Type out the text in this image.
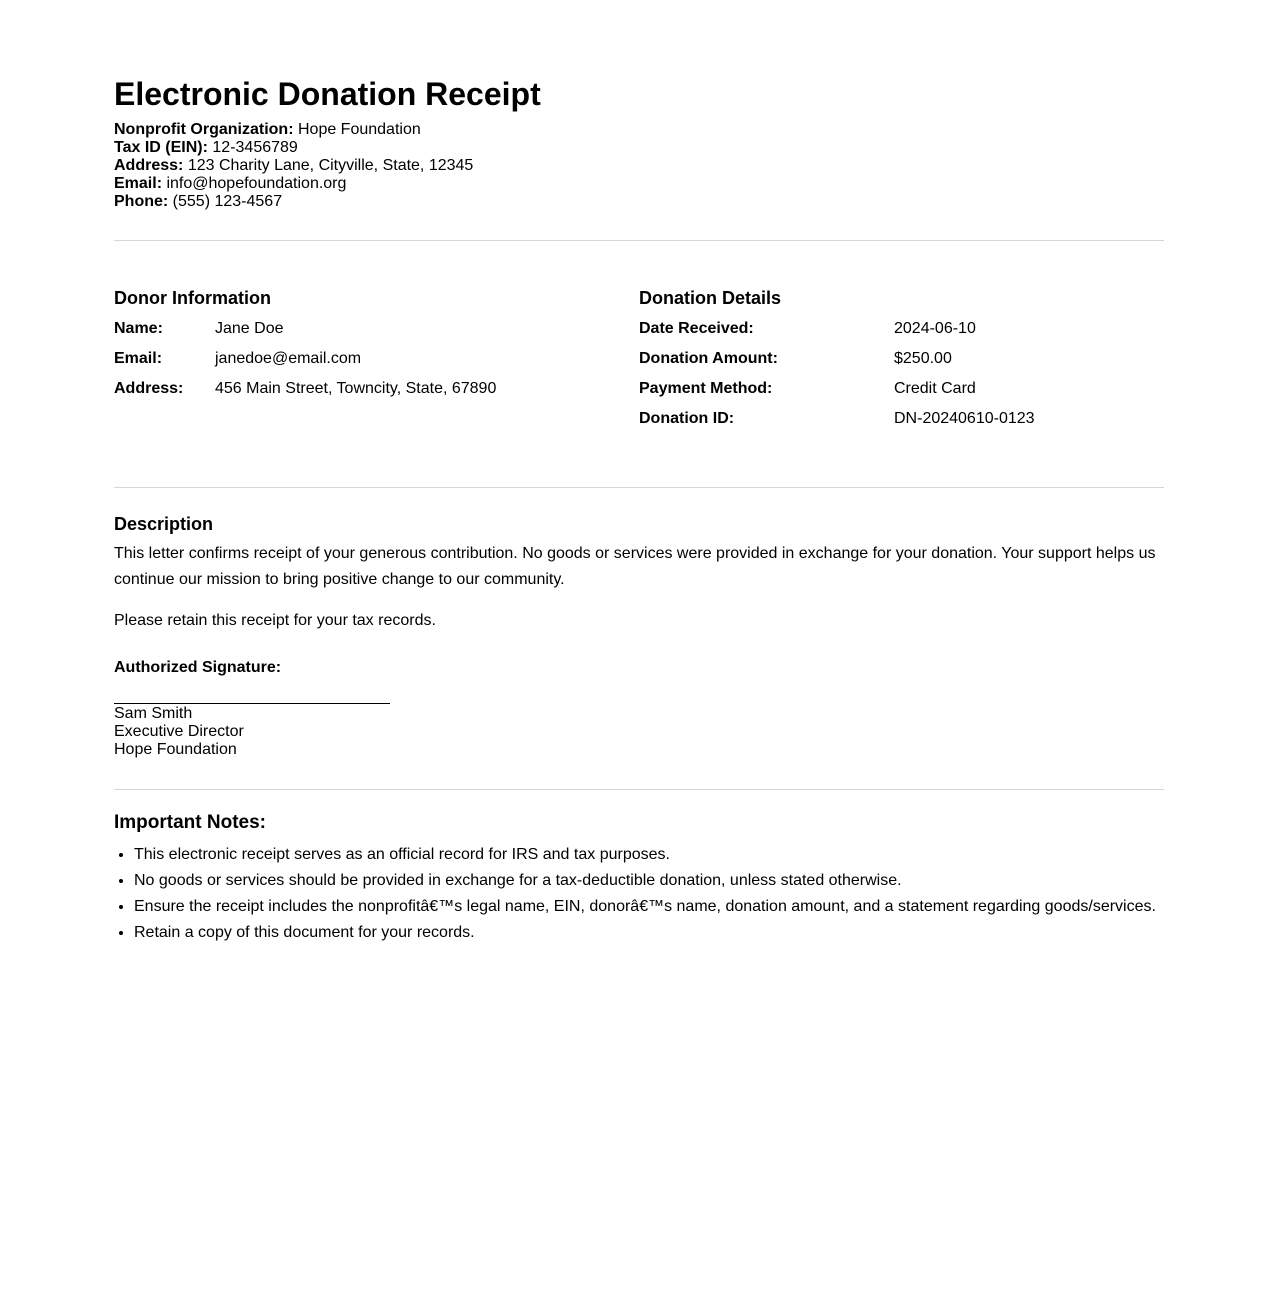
Electronic Donation Receipt
Nonprofit Organization: Hope Foundation
Tax ID (EIN): 12-3456789
Address: 123 Charity Lane, Cityville, State, 12345
Email: info@hopefoundation.org
Phone: (555) 123-4567
Donor Information
Name:	Jane Doe
Email:	janedoe@email.com
Address:	456 Main Street, Towncity, State, 67890
Donation Details
Date Received:	2024-06-10
Donation Amount:	$250.00
Payment Method:	Credit Card
Donation ID:	DN-20240610-0123
Description

This letter confirms receipt of your generous contribution. No goods or services were provided in exchange for your donation. Your support helps us continue our mission to bring positive change to our community.

Please retain this receipt for your tax records.

Authorized Signature:
Sam Smith
Executive Director
Hope Foundation
Important Notes:
• This electronic receipt serves as an official record for IRS and tax purposes.
• No goods or services should be provided in exchange for a tax-deductible donation, unless stated otherwise.
• Ensure the receipt includes the nonprofitâ€™s legal name, EIN, donorâ€™s name, donation amount, and a statement regarding goods/services.
• Retain a copy of this document for your records.
